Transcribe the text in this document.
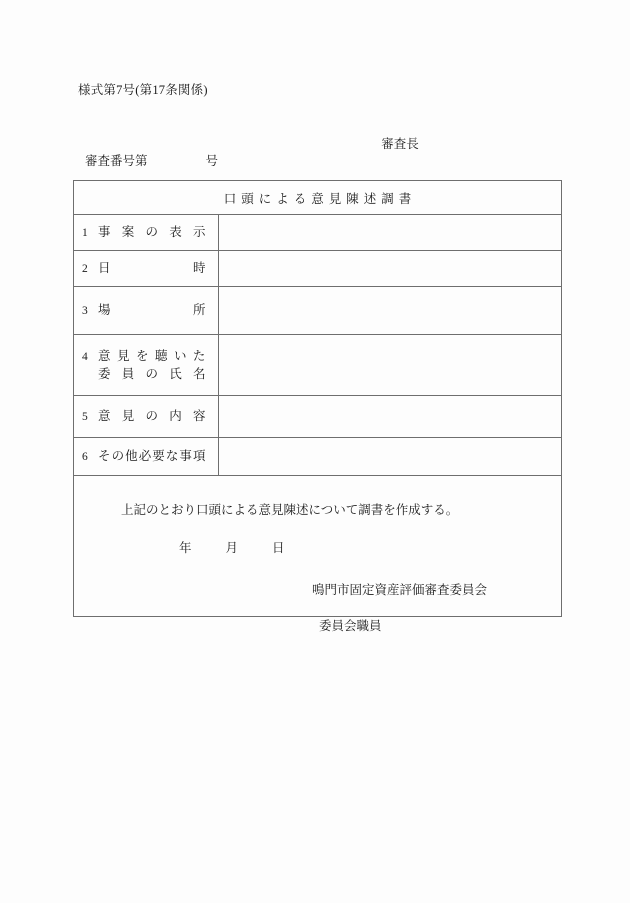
様式第7号(第17条関係)
審査長
審査番号第	号
口頭による意見陳述調書	

1 事 案 の 表 示

2 日 時	

3 場 所	

4 意 見 を 聴 い た
委 員 の 氏 名

5 意 見 の 内 容

6 そ の 他 必 要 な 事 項

上記のとおり口頭による意見陳述について調書を作成する。
年 月 日
鳴門市固定資産評価審査委員会
委員会職員	
